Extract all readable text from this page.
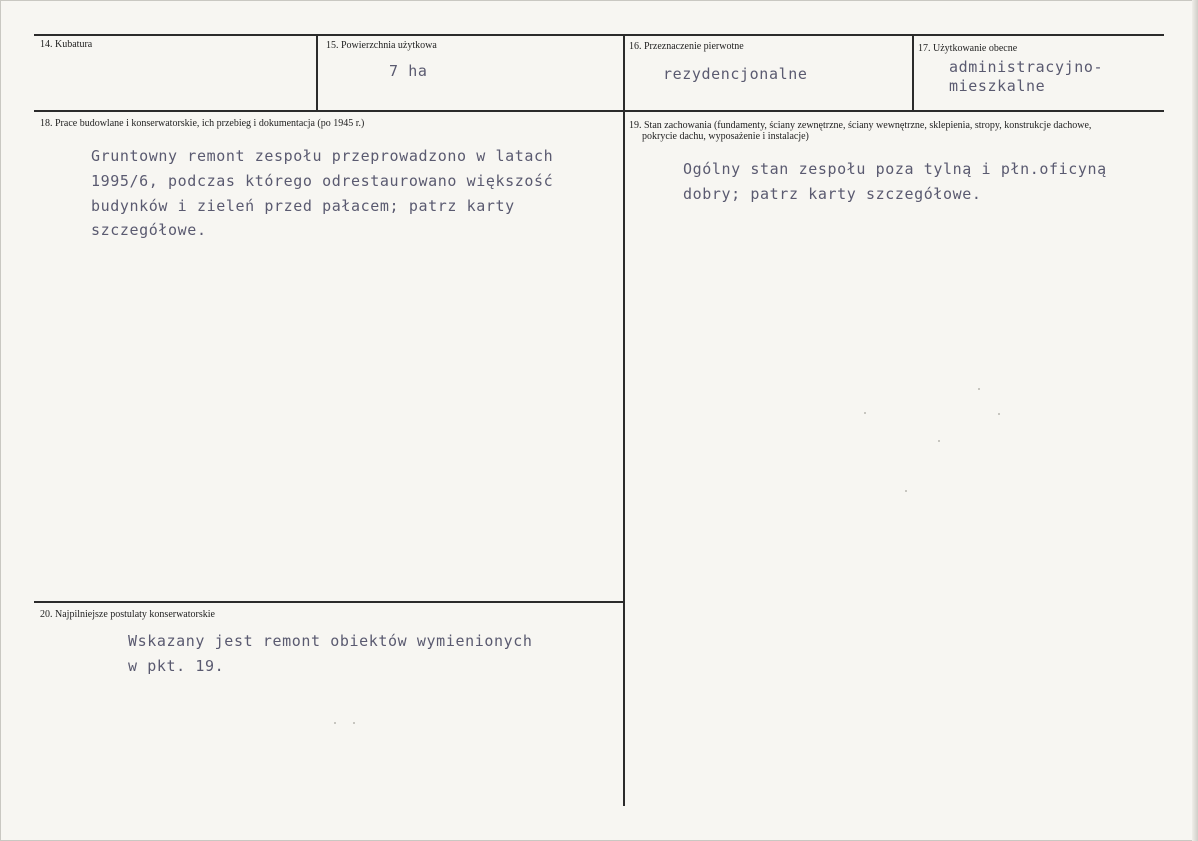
14. Kubatura	15. Powierzchnia użytkowa
7 ha
16. Przeznaczenie pierwotne
rezydencjonalne
17. Użytkowanie obecne
administracyjno-
mieszkalne
18. Prace budowlane i konserwatorskie, ich przebieg i dokumentacja (po 1945 r.)
Gruntowny remont zespołu przeprowadzono w latach
1995/6, podczas którego odrestaurowano większość
budynków i zieleń przed pałacem; patrz karty
szczegółowe.
19. Stan zachowania (fundamenty, ściany zewnętrzne, ściany wewnętrzne, sklepienia, stropy, konstrukcje dachowe,
pokrycie dachu, wyposażenie i instalacje)
Ogólny stan zespołu poza tylną i płn.oficyną
dobry; patrz karty szczegółowe.
20. Najpilniejsze postulaty konserwatorskie
Wskazany jest remont obiektów wymienionych
w pkt. 19.
